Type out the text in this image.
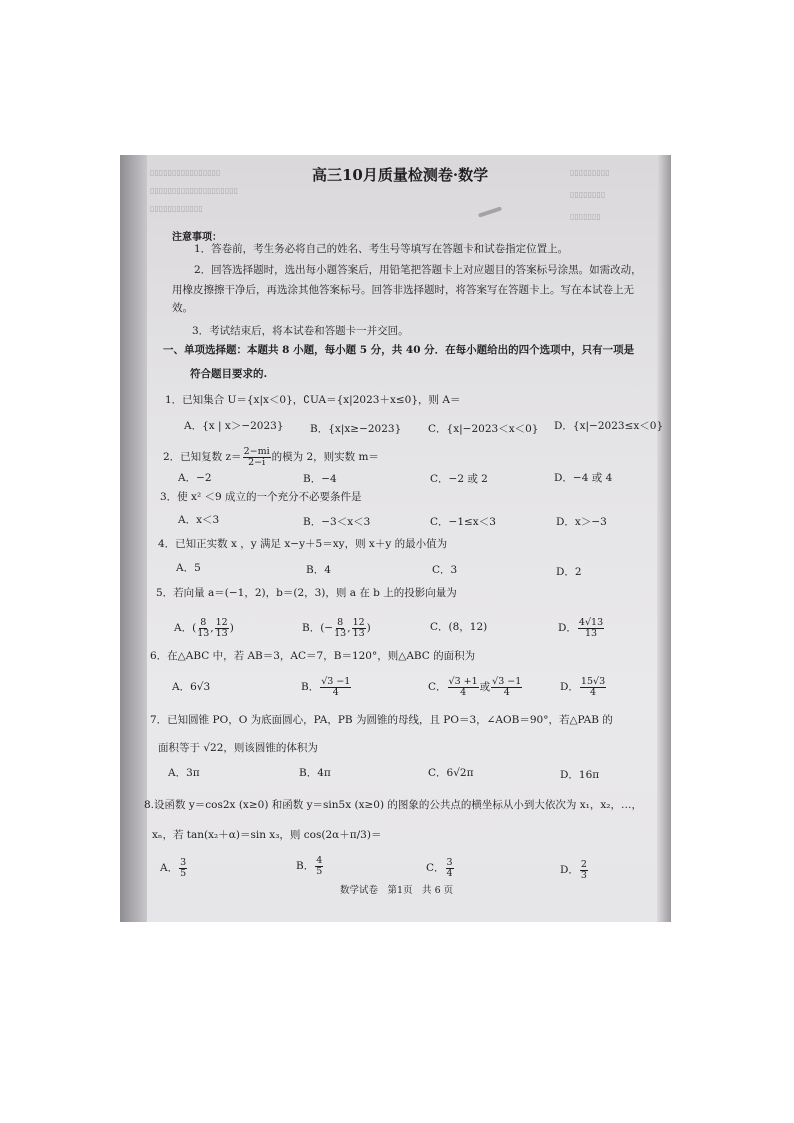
▯▯▯▯▯▯▯▯▯▯▯▯▯▯▯▯
▯▯▯▯▯▯▯▯▯▯▯▯▯▯▯▯▯▯▯▯
▯▯▯▯▯▯▯▯▯▯▯▯
▯▯▯▯▯▯▯▯▯
▯▯▯▯▯▯▯▯
▯▯▯▯▯▯▯
高三10月质量检测卷·数学
注意事项：
1．答卷前，考生务必将自己的姓名、考生号等填写在答题卡和试卷指定位置上。
2．回答选择题时，选出每小题答案后，用铅笔把答题卡上对应题目的答案标号涂黑。如需改动，
用橡皮擦擦干净后，再选涂其他答案标号。回答非选择题时，将答案写在答题卡上。写在本试卷上无
效。
3．考试结束后，将本试卷和答题卡一并交回。
一、单项选择题：本题共 8 小题，每小题 5 分，共 40 分．在每小题给出的四个选项中，只有一项是
符合题目要求的.
1．已知集合 U＝{x|x＜0}，∁UA＝{x|2023＋x≤0}，则 A＝
A．{x | x＞−2023}	B．{x|x≥−2023}	C．{x|−2023＜x＜0} D．{x|−2023≤x＜0}
2．已知复数 $z= \frac{2-mi}{2-i}$ 的模为 2，则实数 m＝
A．−2	B．−4	C．−2 或 2	D．−4 或 4
3．使 x² ＜9 成立的一个充分不必要条件是
A．x＜3	B．−3＜x＜3	C．−1≤x＜3	D．x＞−3
4．已知正实数 x ，y 满足 x−y＋5＝xy，则 x＋y 的最小值为
A．5	B．4	C．3	D．2
5．若向量 a＝(−1，2)，b＝(2，3)，则 a 在 b 上的投影向量为
A．( $\frac{8}{13}$ , $\frac{12}{13}$ )	B．(− $\frac{8}{13}$ , $\frac{12}{13}$ )	C．(8，12)	D． $\frac{4√13}{13}$
6．在△ABC 中，若 AB＝3，AC＝7，B＝120°，则△ABC 的面积为
A．6√3	B． $\frac{√3 -1}{4}$	C． $\frac{√3 +1}{4}$ 或 $\frac{√3 -1}{4}$	D． $\frac{15√3}{4}$
7．已知圆锥 PO，O 为底面圆心，PA，PB 为圆锥的母线，且 PO＝3，∠AOB＝90°，若△PAB 的
面积等于 √22，则该圆锥的体积为
A．3π	B．4π	C．6√2π	D．16π
8.设函数 y＝cos2x (x≥0) 和函数 y＝sin5x (x≥0) 的图象的公共点的横坐标从小到大依次为 x₁，x₂，…，
xₙ，若 tan(x₂＋α)＝sin x₃，则 cos(2α＋π/3)＝
A． $\frac{3}{5}$	B． $\frac{4}{5}$	C． $\frac{3}{4}$	D． $\frac{2}{3}$
数学试卷　第1页　共 6 页
